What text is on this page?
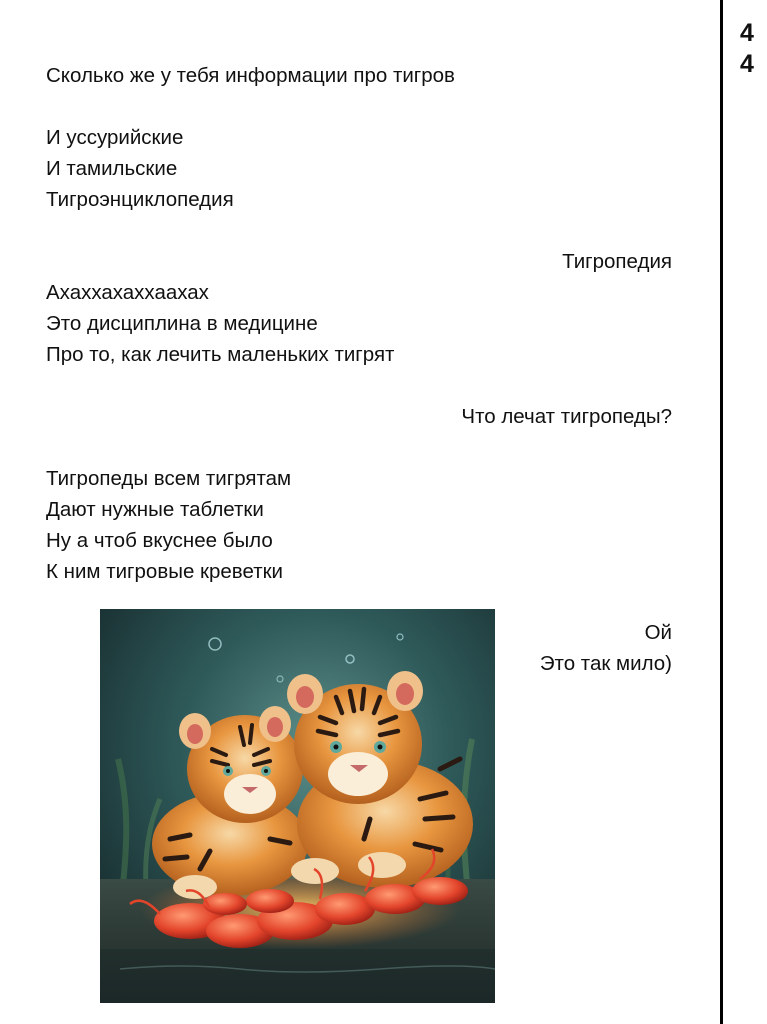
Сколько же у тебя информации про тигров
И уссурийские
И тамильские
Тигроэнциклопедия
Тигропедия
Ахаххахаххаахах
Это дисциплина в медицине
Про то, как лечить маленьких тигрят
Что лечат тигропеды?
Тигропеды всем тигрятам
Дают нужные таблетки
Ну а чтоб вкуснее было
К ним тигровые креветки
Ой
Это так мило)
4
4
